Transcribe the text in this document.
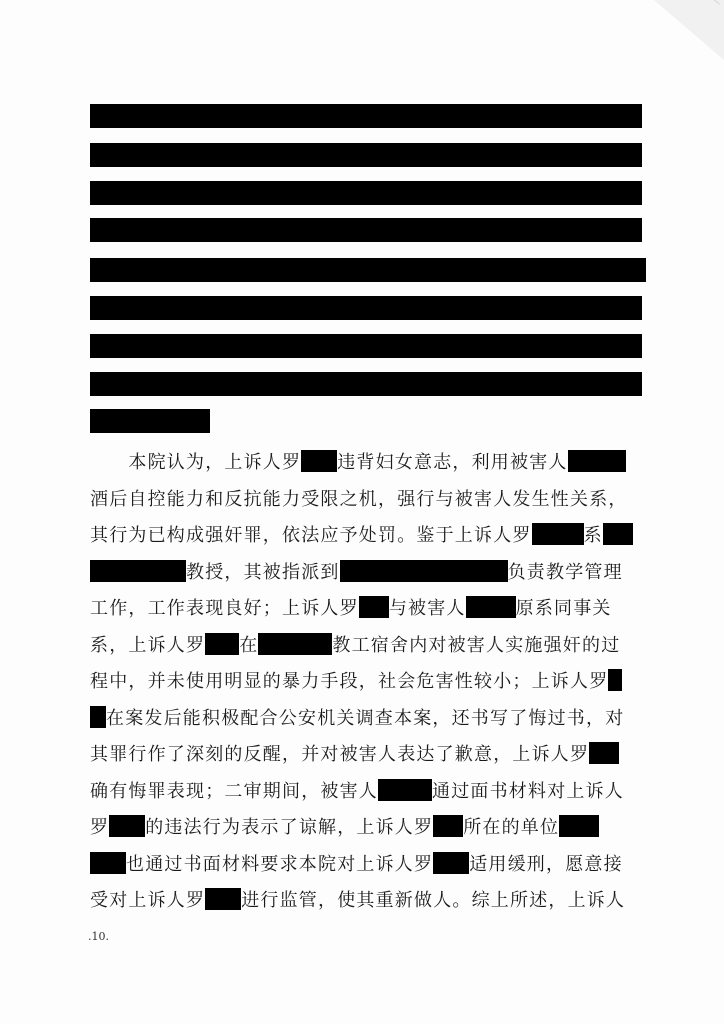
　　本院认为，上诉人罗 违背妇女意志，利用被害人
酒后自控能力和反抗能力受限之机，强行与被害人发生性关系，
其行为已构成强奸罪，依法应予处罚。鉴于上诉人罗	系
教授，其被指派到	负责教学管理
工作，工作表现良好；上诉人罗 与被害人	原系同事关
系，上诉人罗 在	教工宿舍内对被害人实施强奸的过
程中，并未使用明显的暴力手段，社会危害性较小；上诉人罗
在案发后能积极配合公安机关调查本案，还书写了悔过书，对
其罪行作了深刻的反醒，并对被害人表达了歉意，上诉人罗
确有悔罪表现；二审期间，被害人	通过面书材料对上诉人
罗 的违法行为表示了谅解，上诉人罗 所在的单位
也通过书面材料要求本院对上诉人罗 适用缓刑，愿意接
受对上诉人罗 进行监管，使其重新做人。综上所述，上诉人
.10.
